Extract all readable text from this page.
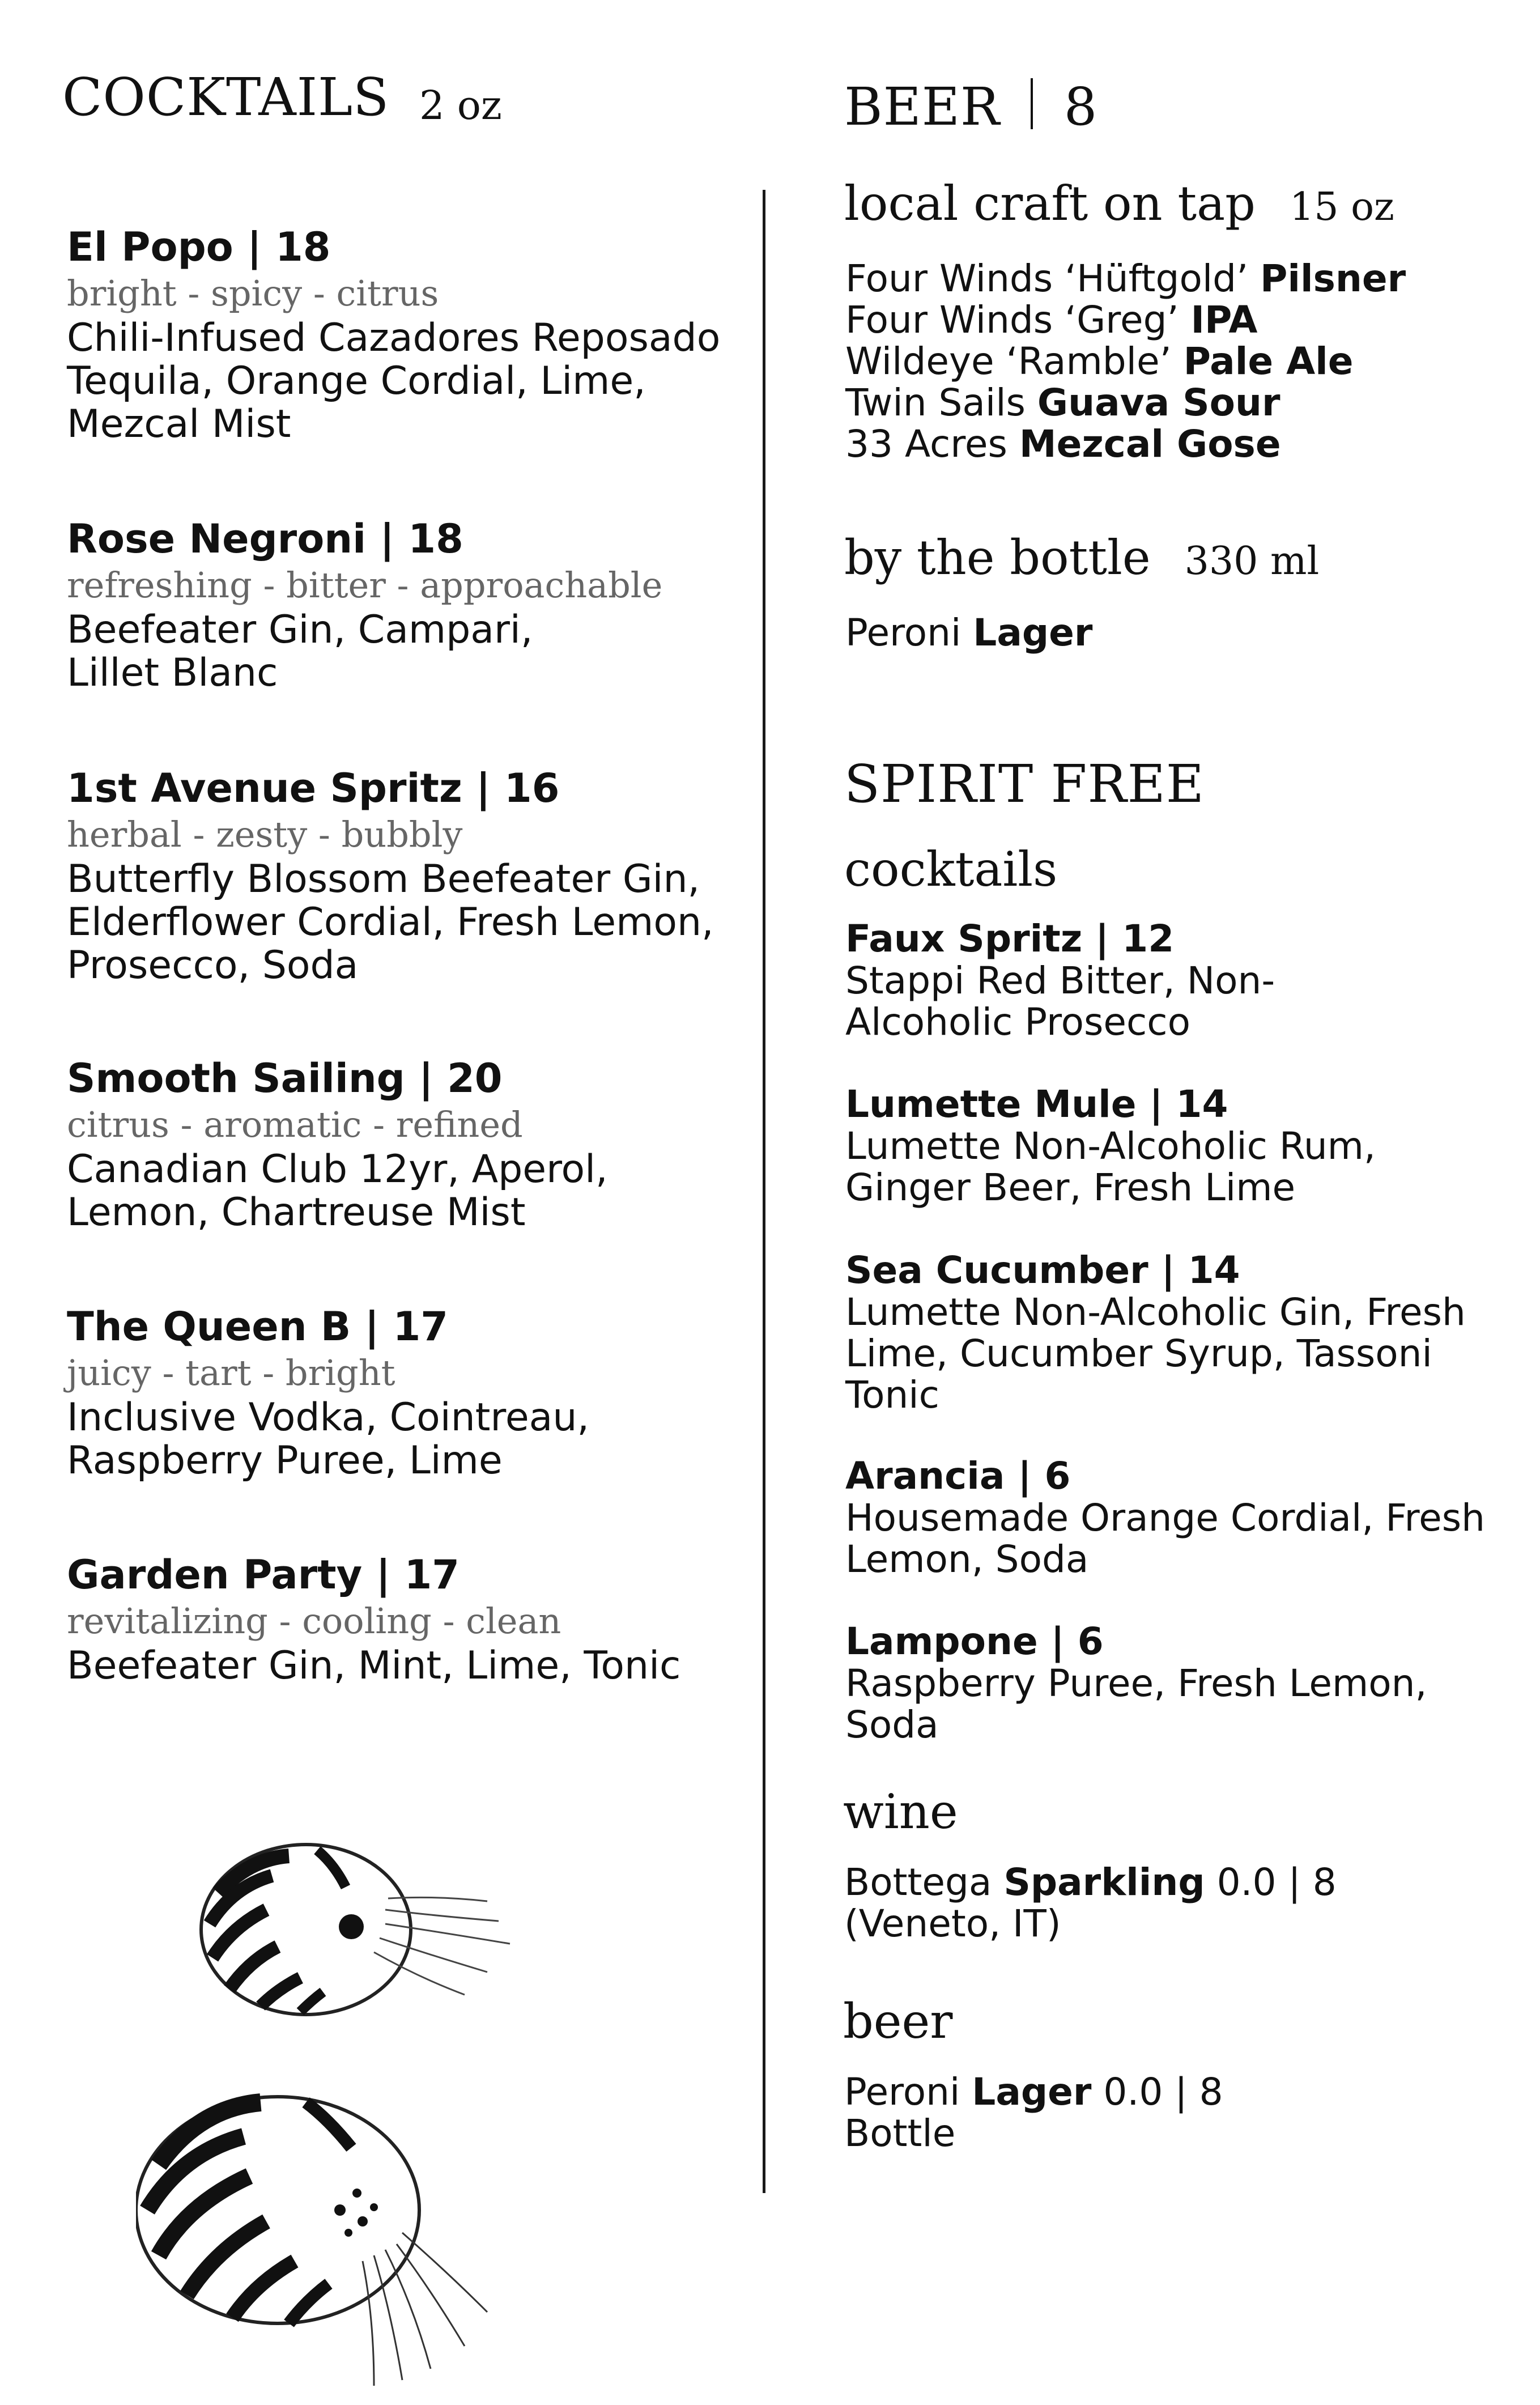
COCKTAILS 2 oz
El Popo | 18
bright - spicy - citrus
Chili-Infused Cazadores Reposado Tequila, Orange Cordial, Lime, Mezcal Mist
Rose Negroni | 18
refreshing - bitter - approachable
Beefeater Gin, Campari, Lillet Blanc
1st Avenue Spritz | 16
herbal - zesty - bubbly
Butterfly Blossom Beefeater Gin, Elderflower Cordial, Fresh Lemon, Prosecco, Soda
Smooth Sailing | 20
citrus - aromatic - refined
Canadian Club 12yr, Aperol, Lemon, Chartreuse Mist
The Queen B | 17
juicy - tart - bright
Inclusive Vodka, Cointreau, Raspberry Puree, Lime
Garden Party | 17
revitalizing - cooling - clean
Beefeater Gin, Mint, Lime, Tonic
BEER 8
local craft on tap 15 oz
Four Winds ‘Hüftgold’ Pilsner
Four Winds ‘Greg’ IPA
Wildeye ‘Ramble’ Pale Ale
Twin Sails Guava Sour
33 Acres Mezcal Gose
by the bottle 330 ml
Peroni Lager
SPIRIT FREE
cocktails
Faux Spritz | 12
Stappi Red Bitter, Non-Alcoholic Prosecco
Lumette Mule | 14
Lumette Non-Alcoholic Rum, Ginger Beer, Fresh Lime
Sea Cucumber | 14
Lumette Non-Alcoholic Gin, Fresh Lime, Cucumber Syrup, Tassoni Tonic
Arancia | 6
Housemade Orange Cordial, Fresh Lemon, Soda
Lampone | 6
Raspberry Puree, Fresh Lemon, Soda
wine
Bottega Sparkling 0.0 | 8
(Veneto, IT)
beer
Peroni Lager 0.0 | 8
Bottle
